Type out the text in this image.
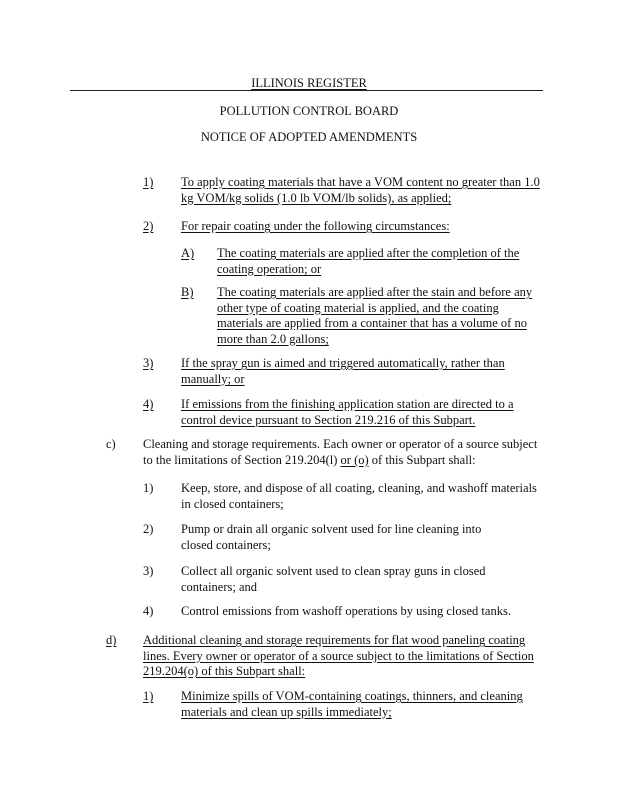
ILLINOIS REGISTER
POLLUTION CONTROL BOARD
NOTICE OF ADOPTED AMENDMENTS
1) To apply coating materials that have a VOM content no greater than 1.0 kg VOM/kg solids (1.0 lb VOM/lb solids), as applied;
2) For repair coating under the following circumstances:
A) The coating materials are applied after the completion of the coating operation; or
B) The coating materials are applied after the stain and before any other type of coating material is applied, and the coating materials are applied from a container that has a volume of no more than 2.0 gallons;
3) If the spray gun is aimed and triggered automatically, rather than manually; or
4) If emissions from the finishing application station are directed to a control device pursuant to Section 219.216 of this Subpart.
c) Cleaning and storage requirements. Each owner or operator of a source subject to the limitations of Section 219.204(l) or (o) of this Subpart shall:
1) Keep, store, and dispose of all coating, cleaning, and washoff materials in closed containers;
2) Pump or drain all organic solvent used for line cleaning into closed containers;
3) Collect all organic solvent used to clean spray guns in closed containers; and
4) Control emissions from washoff operations by using closed tanks.
d) Additional cleaning and storage requirements for flat wood paneling coating lines. Every owner or operator of a source subject to the limitations of Section 219.204(o) of this Subpart shall:
1) Minimize spills of VOM-containing coatings, thinners, and cleaning materials and clean up spills immediately;
